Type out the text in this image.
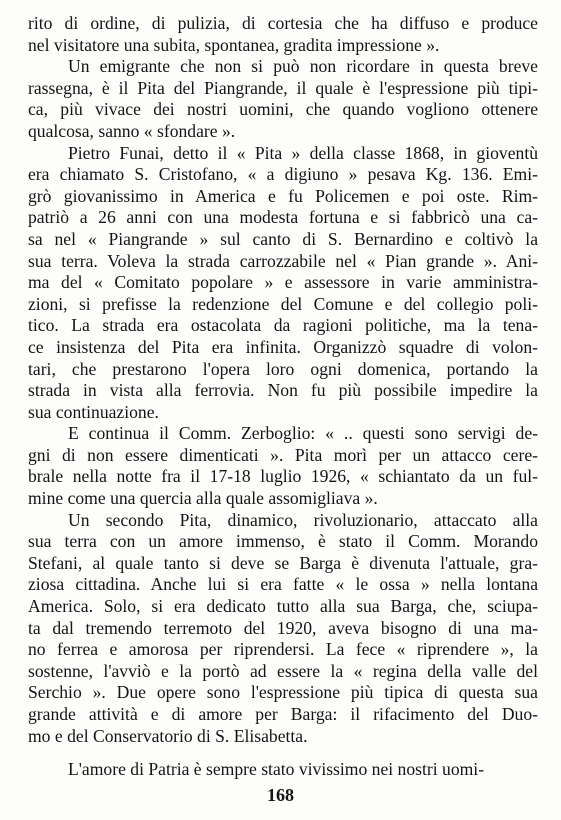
rito di ordine, di pulizia, di cortesia che ha diffuso e produce
nel visitatore una subita, spontanea, gradita impressione ».
Un emigrante che non si può non ricordare in questa breve
rassegna, è il Pita del Piangrande, il quale è l'espressione più tipi-
ca, più vivace dei nostri uomini, che quando vogliono ottenere
qualcosa, sanno « sfondare ».
Pietro Funai, detto il « Pita » della classe 1868, in gioventù
era chiamato S. Cristofano, « a digiuno » pesava Kg. 136. Emi-
grò giovanissimo in America e fu Policemen e poi oste. Rim-
patriò a 26 anni con una modesta fortuna e si fabbricò una ca-
sa nel « Piangrande » sul canto di S. Bernardino e coltivò la
sua terra. Voleva la strada carrozzabile nel « Pian grande ». Ani-
ma del « Comitato popolare » e assessore in varie amministra-
zioni, si prefisse la redenzione del Comune e del collegio poli-
tico. La strada era ostacolata da ragioni politiche, ma la tena-
ce insistenza del Pita era infinita. Organizzò squadre di volon-
tari, che prestarono l'opera loro ogni domenica, portando la
strada in vista alla ferrovia. Non fu più possibile impedire la
sua continuazione.
E continua il Comm. Zerboglio: « .. questi sono servigi de-
gni di non essere dimenticati ». Pita morì per un attacco cere-
brale nella notte fra il 17-18 luglio 1926, « schiantato da un ful-
mine come una quercia alla quale assomigliava ».
Un secondo Pita, dinamico, rivoluzionario, attaccato alla
sua terra con un amore immenso, è stato il Comm. Morando
Stefani, al quale tanto si deve se Barga è divenuta l'attuale, gra-
ziosa cittadina. Anche lui si era fatte « le ossa » nella lontana
America. Solo, si era dedicato tutto alla sua Barga, che, sciupa-
ta dal tremendo terremoto del 1920, aveva bisogno di una ma-
no ferrea e amorosa per riprendersi. La fece « riprendere », la
sostenne, l'avviò e la portò ad essere la « regina della valle del
Serchio ». Due opere sono l'espressione più tipica di questa sua
grande attività e di amore per Barga: il rifacimento del Duo-
mo e del Conservatorio di S. Elisabetta.
L'amore di Patria è sempre stato vivissimo nei nostri uomi-
168
